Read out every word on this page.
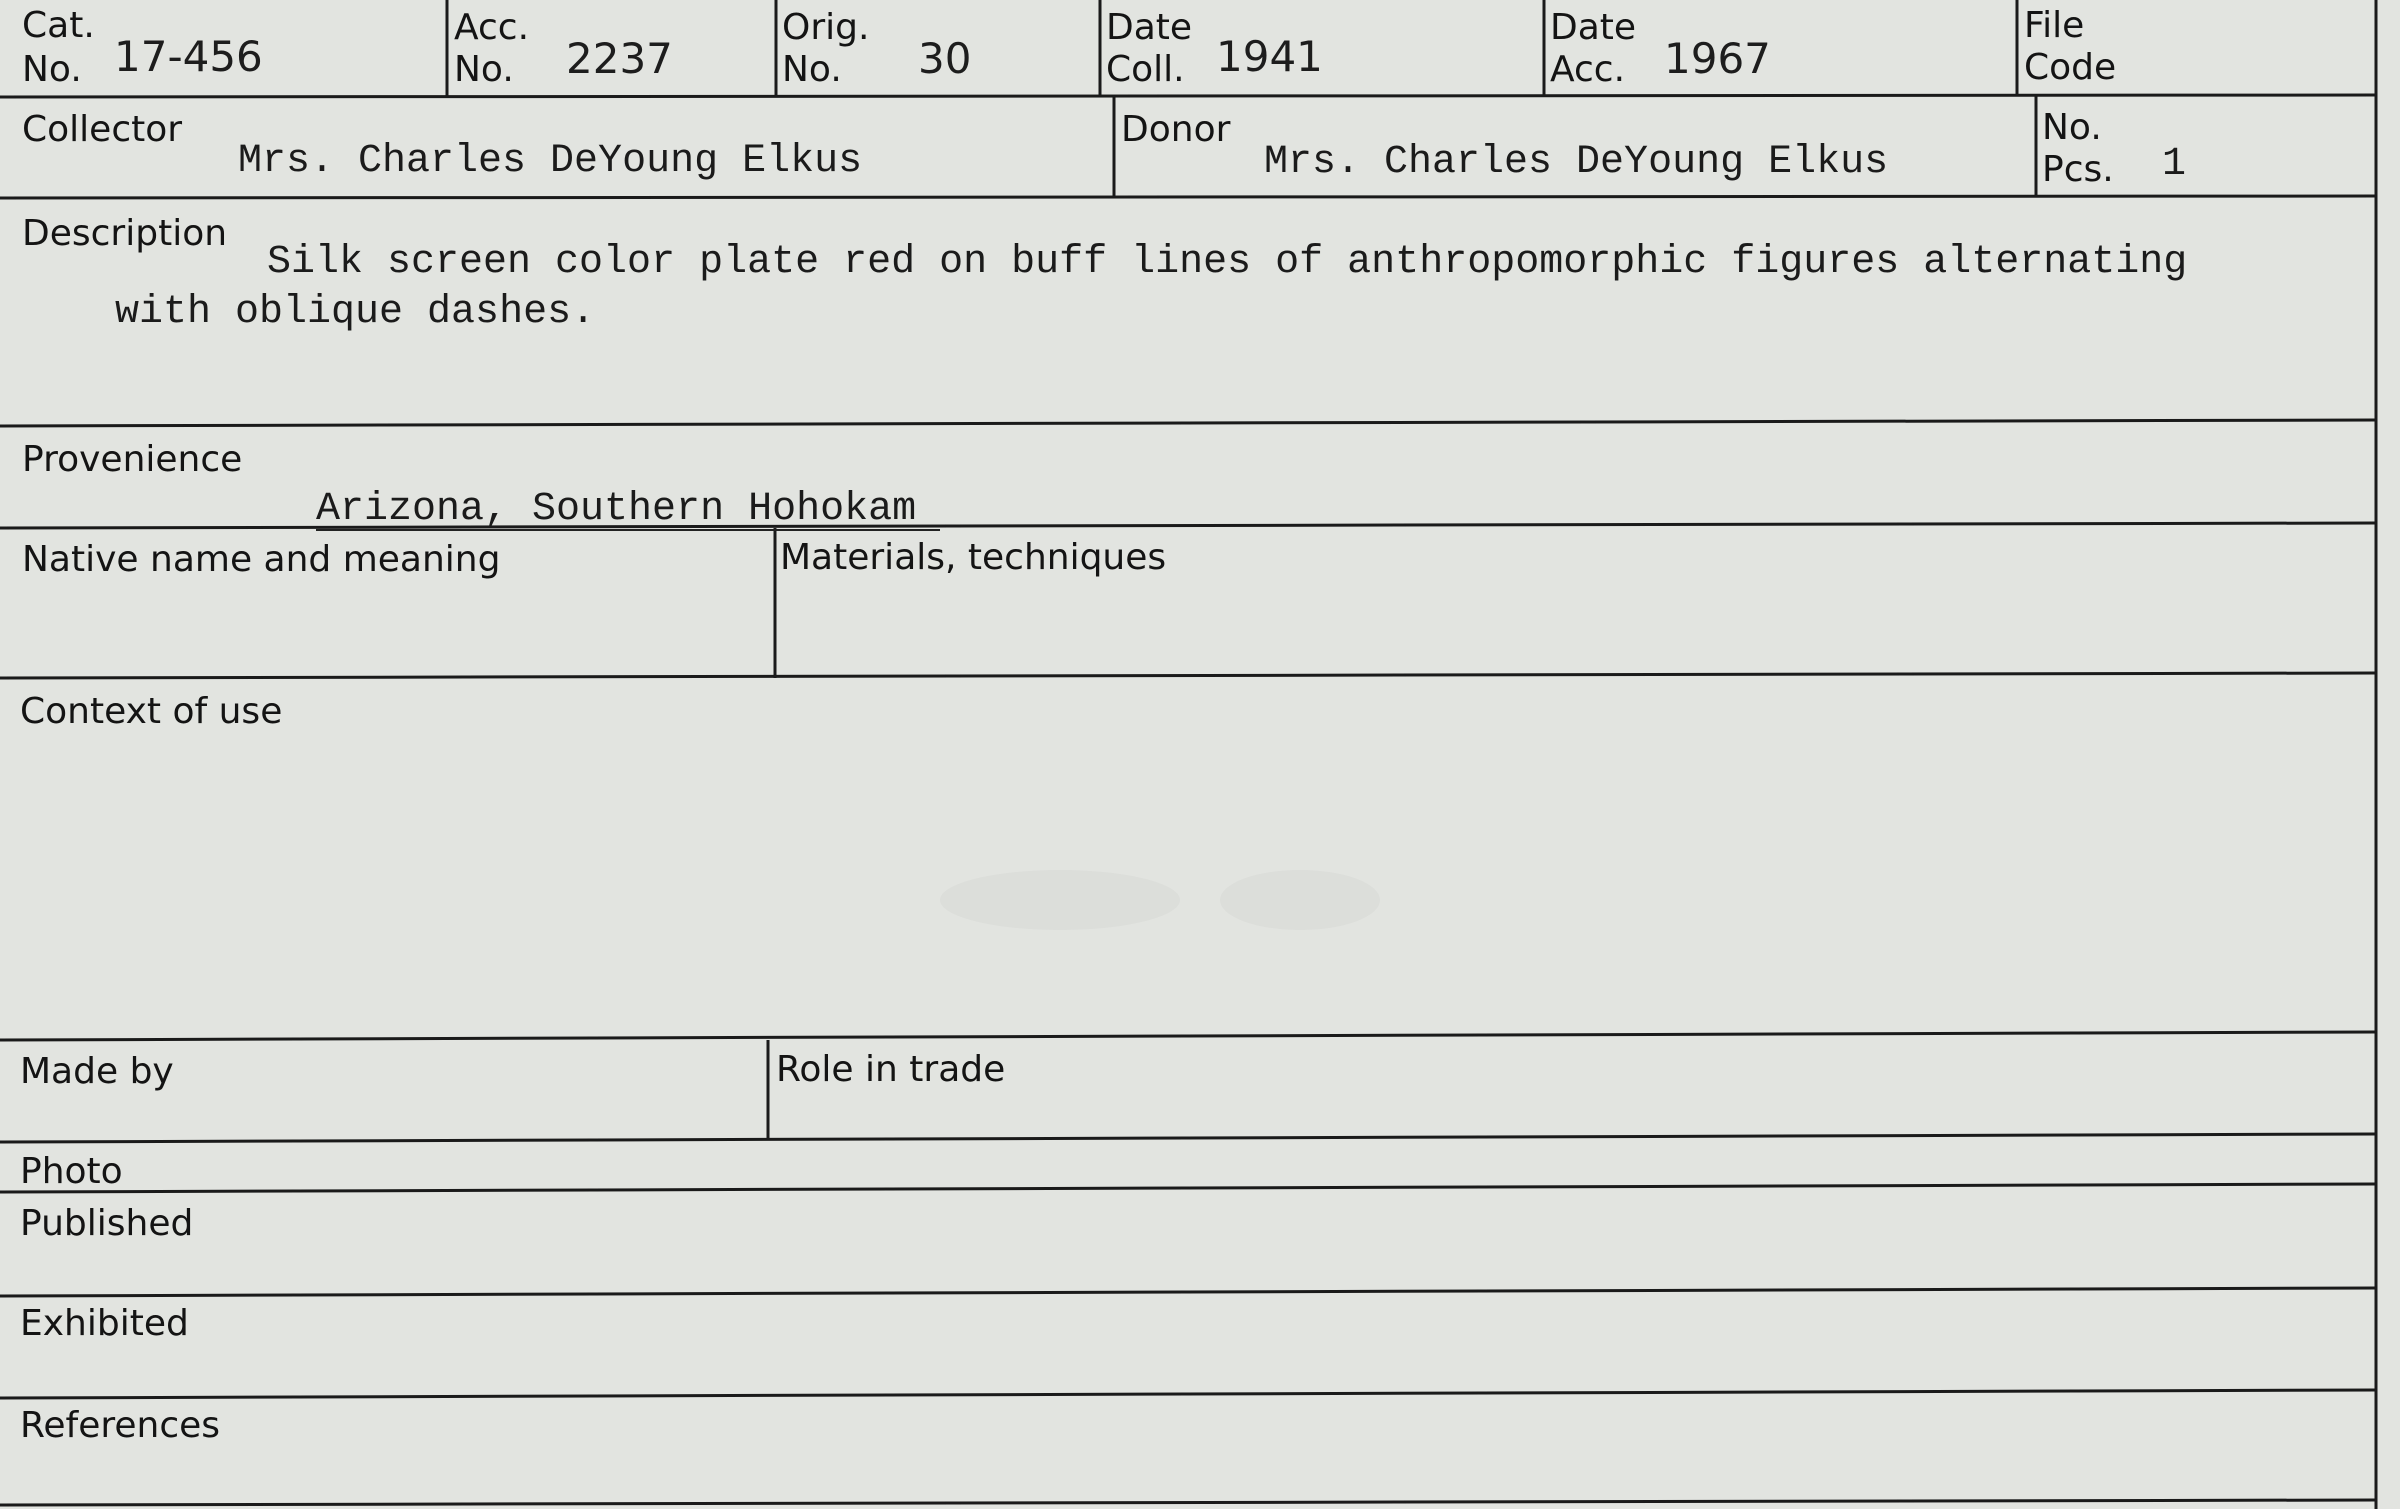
Cat.
No. 17-456
Acc.
No. 2237
Orig.
No. 30
Date
Coll. 1941
Date
Acc. 1967
File
Code
Collector
Mrs. Charles DeYoung Elkus
Donor
Mrs. Charles DeYoung Elkus
No.
Pcs. 1
Description
Silk screen color plate red on buff lines of anthropomorphic figures alternating
with oblique dashes.
Provenience
Arizona, Southern Hohokam
Native name and meaning	Materials, techniques
Context of use
Made by	Role in trade
Photo
Published
Exhibited
References
